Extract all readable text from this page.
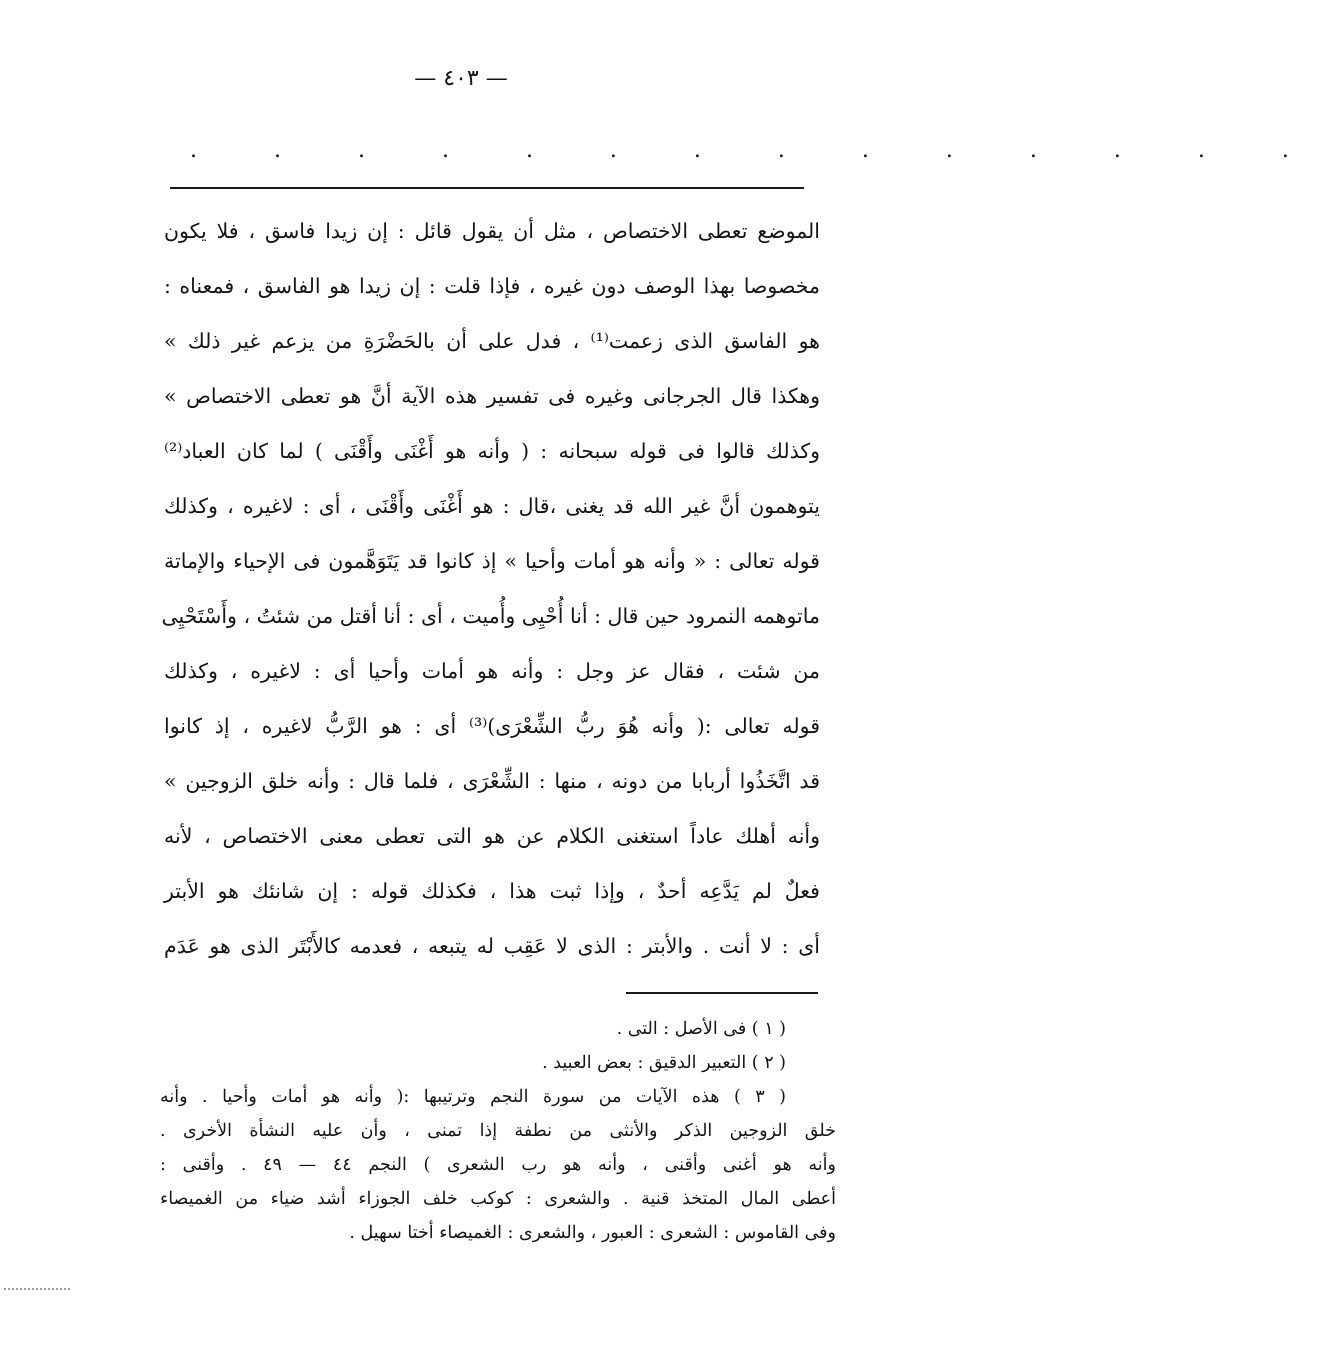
— ٤٠٣ —
. . . . . . . . . . . . . .
الموضع تعطى الاختصاص ، مثل أن يقول قائل : إن زيدا فاسق ، فلا يكون
مخصوصا بهذا الوصف دون غيره ، فإذا قلت : إن زيدا هو الفاسق ، فمعناه :
هو الفاسق الذى زعمت⁽¹⁾ ، فدل على أن بالحَضْرَةِ من يزعم غير ذلك »
وهكذا قال الجرجانى وغيره فى تفسير هذه الآية أنَّ هو تعطى الاختصاص »
وكذلك قالوا فى قوله سبحانه : ( وأنه هو أَغْنَى وأَقْنَى ) لما كان العباد⁽²⁾
يتوهمون أنَّ غير الله قد يغنى ،قال : هو أَغْنَى وأَقْنَى ، أى : لاغيره ، وكذلك
قوله تعالى : « وأنه هو أمات وأحيا » إذ كانوا قد يَتَوَهَّمون فى الإحياء والإماتة
ماتوهمه النمرود حين قال : أنا أُحْيِى وأُميت ، أى : أنا أقتل من شئتُ ، وأَسْتَحْيِى
من شئت ، فقال عز وجل : وأنه هو أمات وأحيا أى : لاغيره ، وكذلك
قوله تعالى :( وأنه هُوَ ربُّ الشِّعْرَى)⁽³⁾ أى : هو الرَّبُّ لاغيره ، إذ كانوا
قد اتَّخَذُوا أربابا من دونه ، منها : الشِّعْرَى ، فلما قال : وأنه خلق الزوجين »
وأنه أهلك عاداً استغنى الكلام عن هو التى تعطى معنى الاختصاص ، لأنه
فعلٌ لم يَدَّعِه أحدٌ ، وإذا ثبت هذا ، فكذلك قوله : إن شانئك هو الأبتر
أى : لا أنت . والأبتر : الذى لا عَقِب له يتبعه ، فعدمه كالأَبْتَر الذى هو عَدَم
( ١ ) فى الأصل : التى .
( ٢ ) التعبير الدقيق : بعض العبيد .
( ٣ ) هذه الآيات من سورة النجم وترتيبها :( وأنه هو أمات وأحيا . وأنه
خلق الزوجين الذكر والأنثى من نطفة إذا تمنى ، وأن عليه النشأة الأخرى .
وأنه هو أغنى وأقنى ، وأنه هو رب الشعرى ) النجم ٤٤ — ٤٩ . وأقنى :
أعطى المال المتخذ قنية . والشعرى : كوكب خلف الجوزاء أشد ضياء من الغميصاء
وفى القاموس : الشعرى : العبور ، والشعرى : الغميصاء أختا سهيل .
